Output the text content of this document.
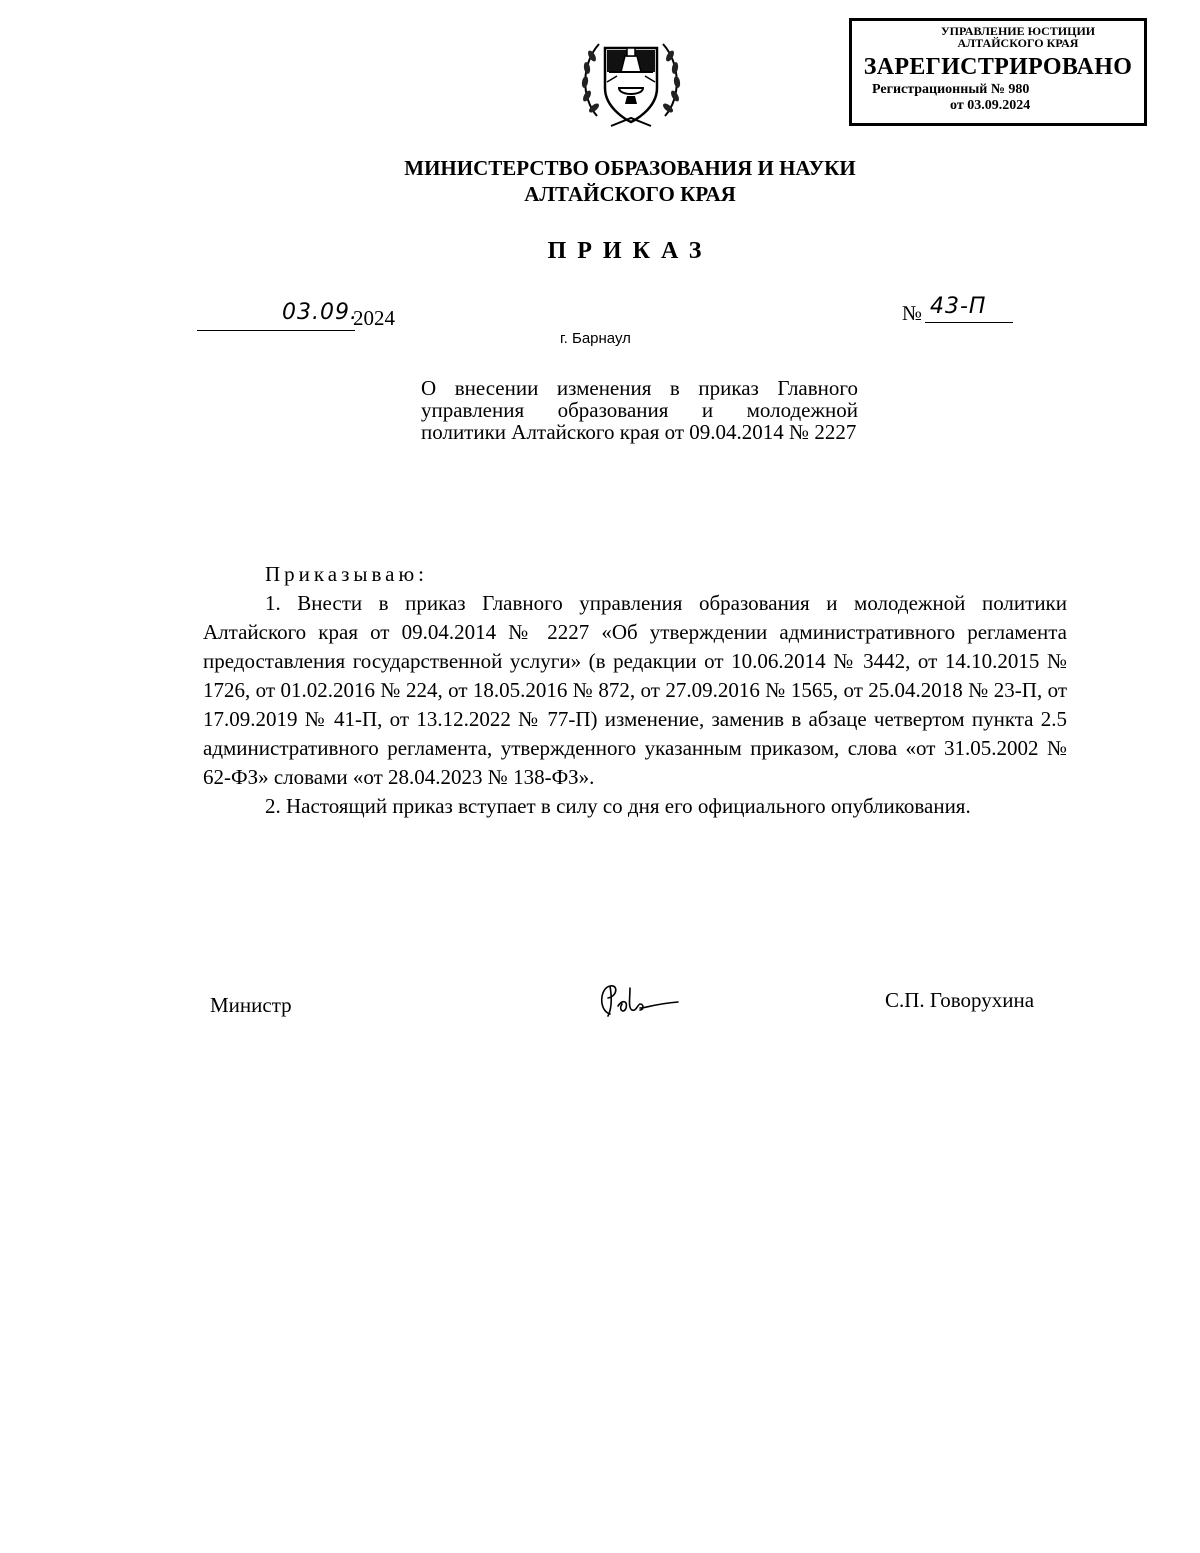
УПРАВЛЕНИЕ ЮСТИЦИИ
АЛТАЙСКОГО КРАЯ
ЗАРЕГИСТРИРОВАНО
Регистрационный № 980
от 03.09.2024
МИНИСТЕРСТВО ОБРАЗОВАНИЯ И НАУКИ
АЛТАЙСКОГО КРАЯ
ПРИКАЗ
03.09.
2024	№ 43-П
г. Барнаул
О внесении изменения в приказ Главного управления образования и молодежной политики Алтайского края от 09.04.2014 № 2227

Приказываю:

1. Внести в приказ Главного управления образования и молодежной политики Алтайского края от 09.04.2014 № 2227 «Об утверждении административного регламента предоставления государственной услуги» (в редакции от 10.06.2014 № 3442, от 14.10.2015 № 1726, от 01.02.2016 № 224, от 18.05.2016 № 872, от 27.09.2016 № 1565, от 25.04.2018 № 23-П, от 17.09.2019 № 41-П, от 13.12.2022 № 77-П) изменение, заменив в абзаце четвертом пункта 2.5 административного регламента, утвержденного указанным приказом, слова «от 31.05.2002 № 62-ФЗ» словами «от 28.04.2023 № 138-ФЗ».

2. Настоящий приказ вступает в силу со дня его официального опубликования.

Министр	С.П. Говорухина
